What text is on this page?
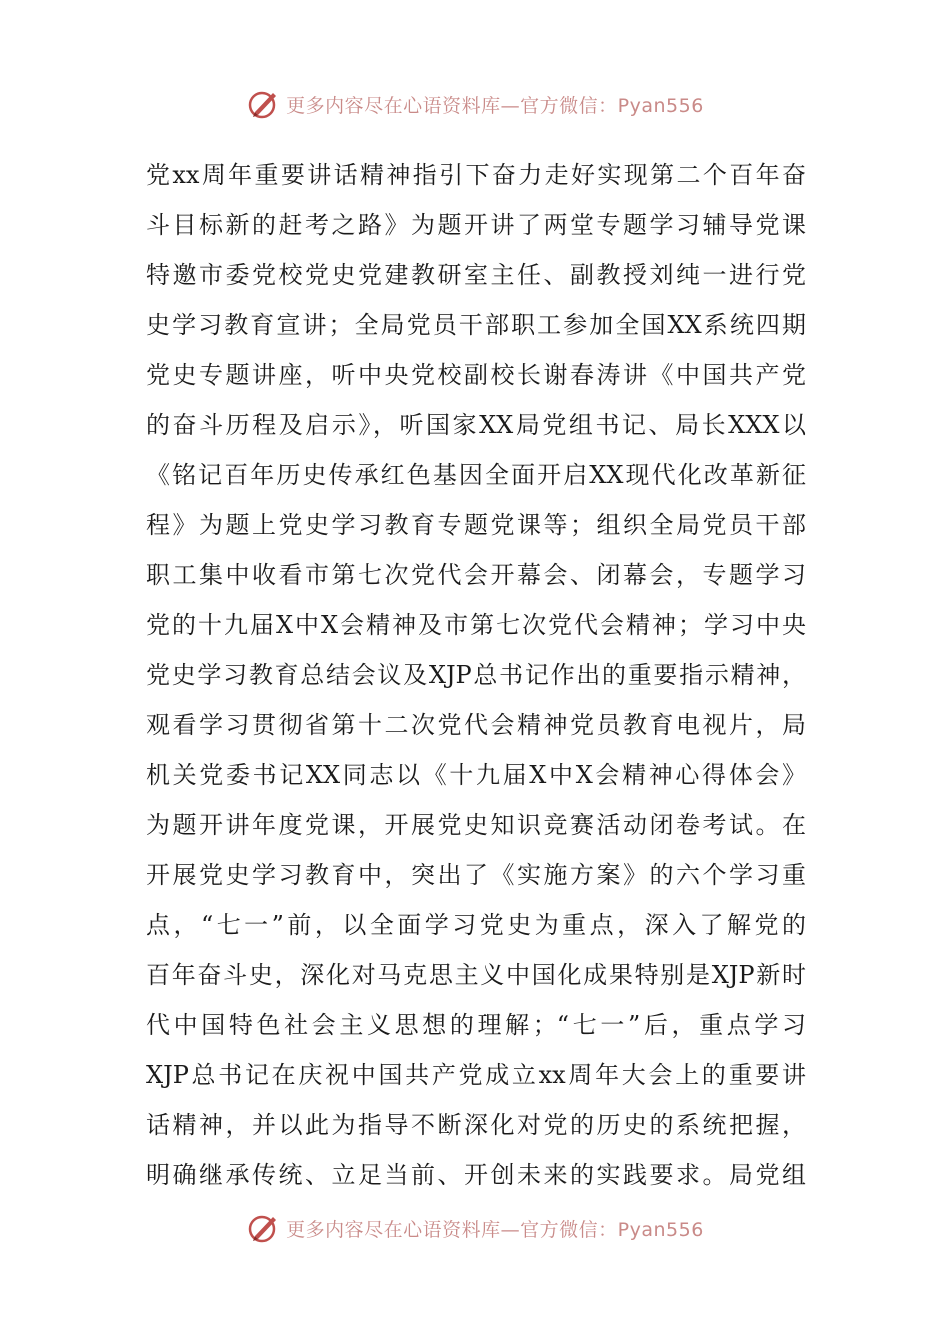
更多内容尽在心语资料库—官方微信：Pyan556
党xx周年重要讲话精神指引下奋力走好实现第二个百年奋
斗目标新的赶考之路》为题开讲了两堂专题学习辅导党课
特邀市委党校党史党建教研室主任、副教授刘纯一进行党
史学习教育宣讲；全局党员干部职工参加全国XX系统四期
党史专题讲座，听中央党校副校长谢春涛讲《中国共产党
的奋斗历程及启示》，听国家XX局党组书记、局长XXX以
《铭记百年历史传承红色基因全面开启XX现代化改革新征
程》为题上党史学习教育专题党课等；组织全局党员干部
职工集中收看市第七次党代会开幕会、闭幕会，专题学习
党的十九届X中X会精神及市第七次党代会精神；学习中央
党史学习教育总结会议及XJP总书记作出的重要指示精神，
观看学习贯彻省第十二次党代会精神党员教育电视片，局
机关党委书记XX同志以《十九届X中X会精神心得体会》
为题开讲年度党课，开展党史知识竞赛活动闭卷考试。在
开展党史学习教育中，突出了《实施方案》的六个学习重
点，“七一”前，以全面学习党史为重点，深入了解党的
百年奋斗史，深化对马克思主义中国化成果特别是XJP新时
代中国特色社会主义思想的理解；“七一”后，重点学习
XJP总书记在庆祝中国共产党成立xx周年大会上的重要讲
话精神，并以此为指导不断深化对党的历史的系统把握，
明确继承传统、立足当前、开创未来的实践要求。局党组
更多内容尽在心语资料库—官方微信：Pyan556
